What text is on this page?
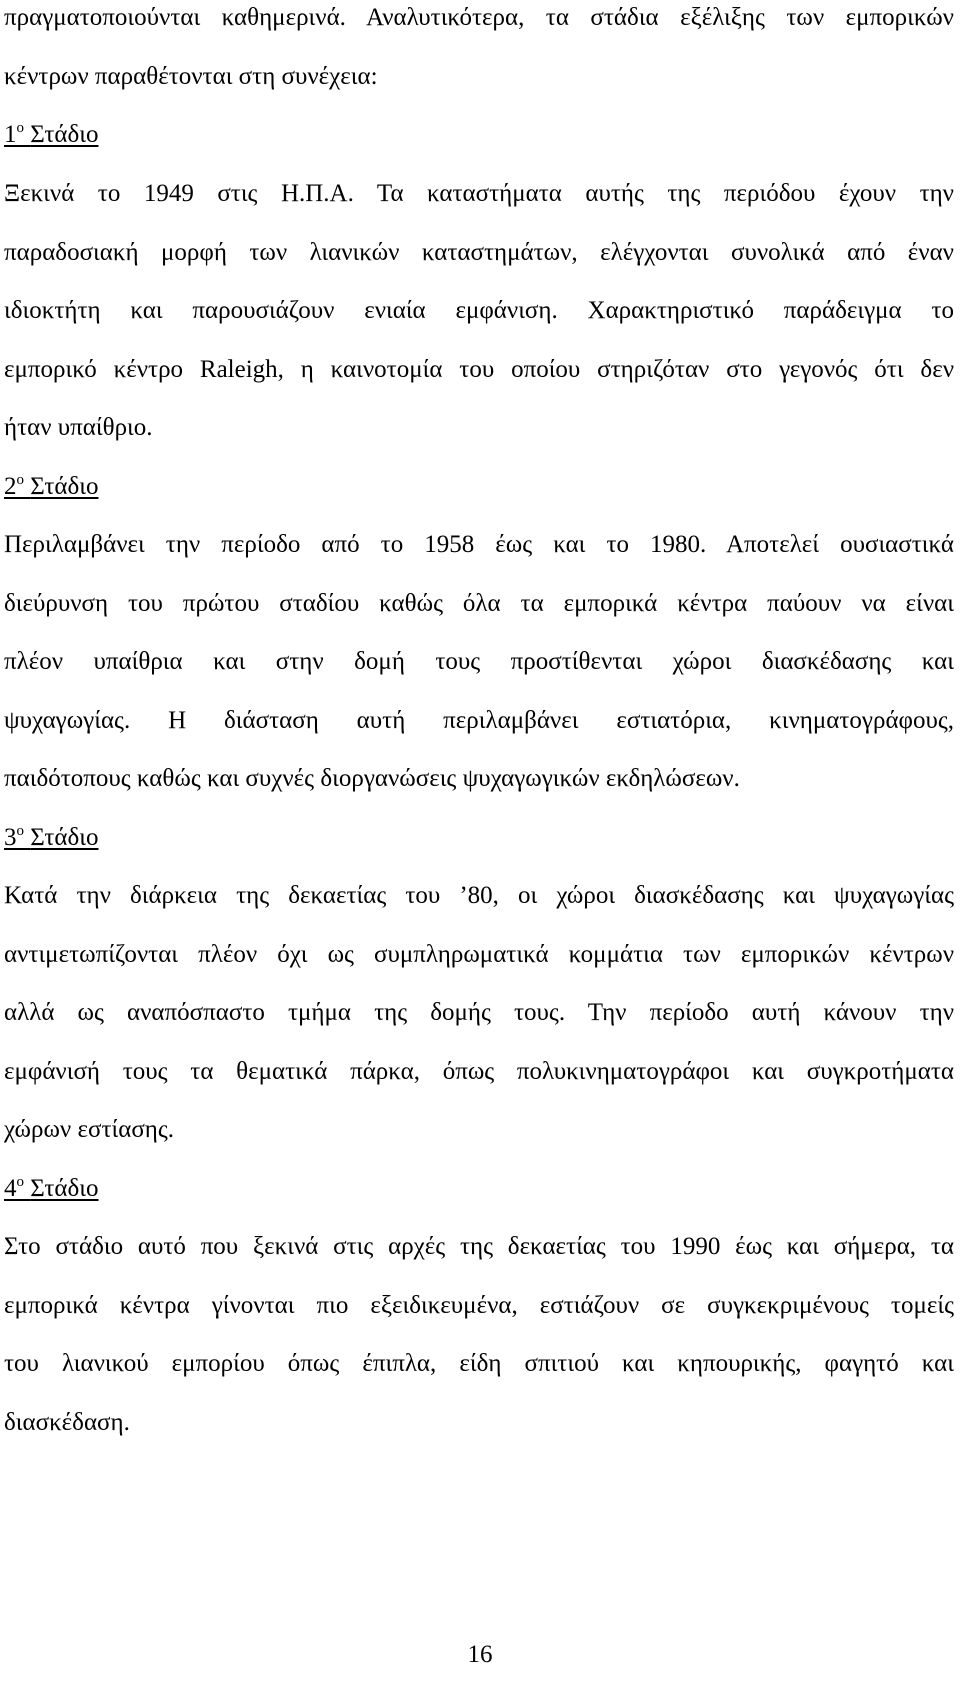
πραγματοποιούνται καθημερινά. Αναλυτικότερα, τα στάδια εξέλιξης των εμπορικών
κέντρων παραθέτονται στη συνέχεια:
$1^o$ Στάδιο
Ξεκινά το 1949 στις Η.Π.Α. Τα καταστήματα αυτής της περιόδου έχουν την
παραδοσιακή μορφή των λιανικών καταστημάτων, ελέγχονται συνολικά από έναν
ιδιοκτήτη και παρουσιάζουν ενιαία εμφάνιση. Χαρακτηριστικό παράδειγμα το
εμπορικό κέντρο Raleigh, η καινοτομία του οποίου στηριζόταν στο γεγονός ότι δεν
ήταν υπαίθριο.
$2^o$ Στάδιο
Περιλαμβάνει την περίοδο από το 1958 έως και το 1980. Αποτελεί ουσιαστικά
διεύρυνση του πρώτου σταδίου καθώς όλα τα εμπορικά κέντρα παύουν να είναι
πλέον υπαίθρια και στην δομή τους προστίθενται χώροι διασκέδασης και
ψυχαγωγίας. Η διάσταση αυτή περιλαμβάνει εστιατόρια, κινηματογράφους,
παιδότοπους καθώς και συχνές διοργανώσεις ψυχαγωγικών εκδηλώσεων.
$3^o$ Στάδιο
Κατά την διάρκεια της δεκαετίας του ’80, οι χώροι διασκέδασης και ψυχαγωγίας
αντιμετωπίζονται πλέον όχι ως συμπληρωματικά κομμάτια των εμπορικών κέντρων
αλλά ως αναπόσπαστο τμήμα της δομής τους. Την περίοδο αυτή κάνουν την
εμφάνισή τους τα θεματικά πάρκα, όπως πολυκινηματογράφοι και συγκροτήματα
χώρων εστίασης.
$4^o$ Στάδιο
Στο στάδιο αυτό που ξεκινά στις αρχές της δεκαετίας του 1990 έως και σήμερα, τα
εμπορικά κέντρα γίνονται πιο εξειδικευμένα, εστιάζουν σε συγκεκριμένους τομείς
του λιανικού εμπορίου όπως έπιπλα, είδη σπιτιού και κηπουρικής, φαγητό και
διασκέδαση.
16
